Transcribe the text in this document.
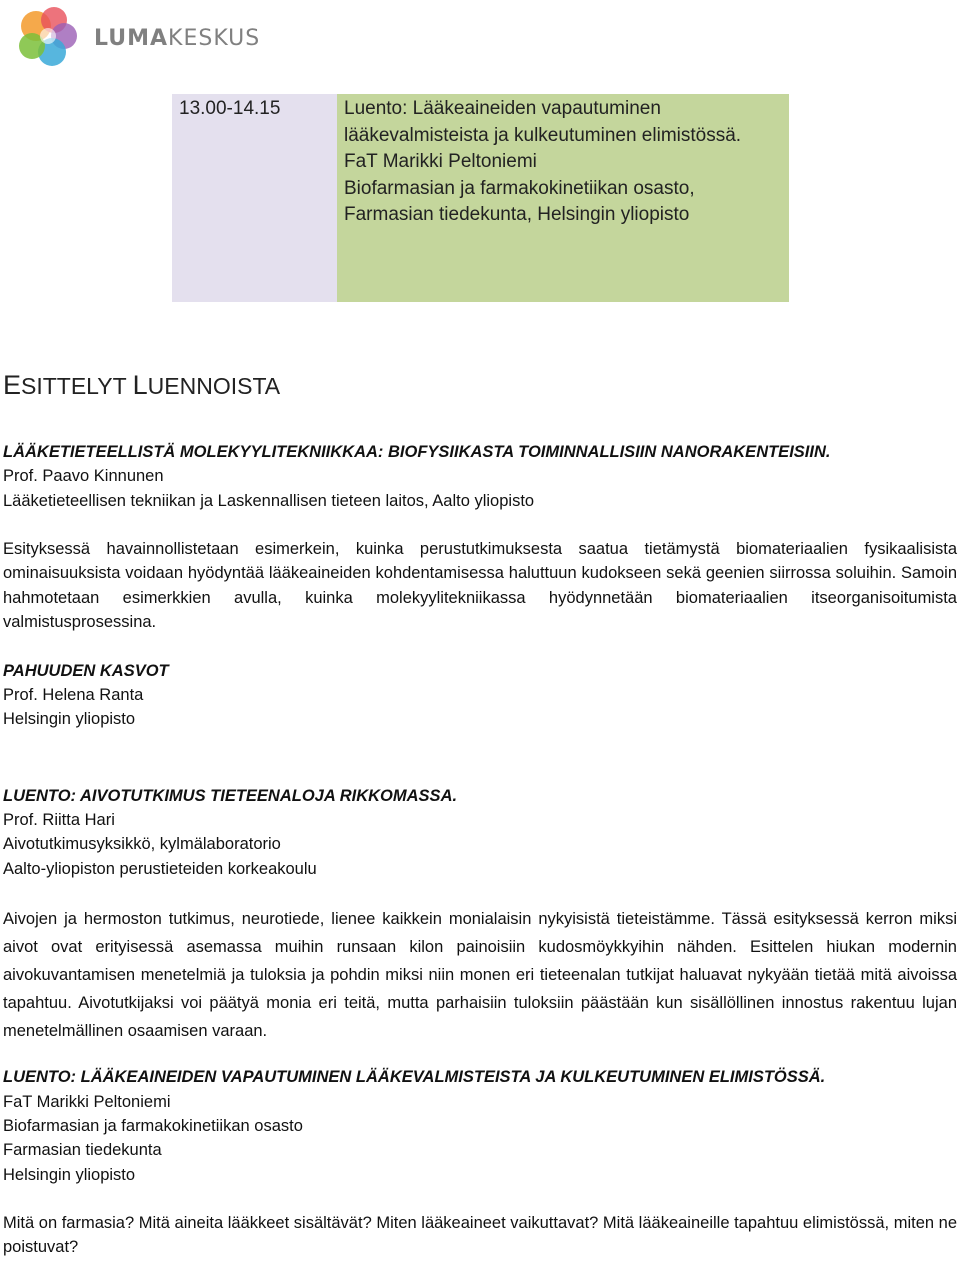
LUMAKESKUS
13.00-14.15	Luento: Lääkeaineiden vapautuminen
lääkevalmisteista ja kulkeutuminen elimistössä.
FaT Marikki Peltoniemi
Biofarmasian ja farmakokinetiikan osasto,
Farmasian tiedekunta, Helsingin yliopisto
ESITTELYT LUENNOISTA
LÄÄKETIETEELLISTÄ MOLEKYYLITEKNIIKKAA: BIOFYSIIKASTA TOIMINNALLISIIN NANORAKENTEISIIN.
Prof. Paavo Kinnunen
Lääketieteellisen tekniikan ja Laskennallisen tieteen laitos, Aalto yliopisto

Esityksessä havainnollistetaan esimerkein, kuinka perustutkimuksesta saatua tietämystä biomateriaalien fysikaalisista ominaisuuksista voidaan hyödyntää lääkeaineiden kohdentamisessa haluttuun kudokseen sekä geenien siirrossa soluihin. Samoin hahmotetaan esimerkkien avulla, kuinka molekyylitekniikassa hyödynnetään biomateriaalien itseorganisoitumista valmistusprosessina.

PAHUUDEN KASVOT
Prof. Helena Ranta
Helsingin yliopisto
LUENTO: AIVOTUTKIMUS TIETEENALOJA RIKKOMASSA.
Prof. Riitta Hari
Aivotutkimusyksikkö, kylmälaboratorio
Aalto-yliopiston perustieteiden korkeakoulu

Aivojen ja hermoston tutkimus, neurotiede, lienee kaikkein monialaisin nykyisistä tieteistämme. Tässä esityksessä kerron miksi aivot ovat erityisessä asemassa muihin runsaan kilon painoisiin kudosmöykkyihin nähden. Esittelen hiukan modernin aivokuvantamisen menetelmiä ja tuloksia ja pohdin miksi niin monen eri tieteenalan tutkijat haluavat nykyään tietää mitä aivoissa tapahtuu. Aivotutkijaksi voi päätyä monia eri teitä, mutta parhaisiin tuloksiin päästään kun sisällöllinen innostus rakentuu lujan menetelmällinen osaamisen varaan.

LUENTO: LÄÄKEAINEIDEN VAPAUTUMINEN LÄÄKEVALMISTEISTA JA KULKEUTUMINEN ELIMISTÖSSÄ.
FaT Marikki Peltoniemi
Biofarmasian ja farmakokinetiikan osasto
Farmasian tiedekunta
Helsingin yliopisto

Mitä on farmasia? Mitä aineita lääkkeet sisältävät? Miten lääkeaineet vaikuttavat? Mitä lääkeaineille tapahtuu elimistössä, miten ne poistuvat?
